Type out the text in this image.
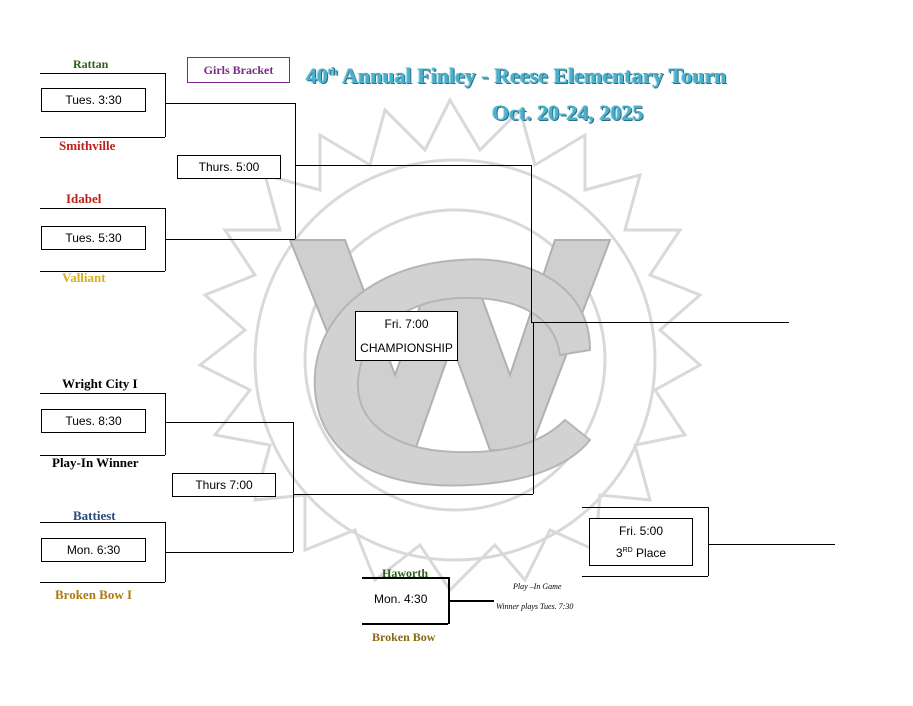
40th Annual Finley - Reese Elementary Tourn
Oct. 20-24, 2025
Girls Bracket
Rattan
Tues. 3:30
Smithville
Idabel
Tues. 5:30
Valliant
Thurs. 5:00
Wright City I
Tues. 8:30
Play-In Winner
Battiest
Mon. 6:30
Broken Bow I
Thurs 7:00
Fri. 7:00
CHAMPIONSHIP
Fri. 5:00
3RD Place
Haworth
Mon. 4:30
Broken Bow
Play –In Game
Winner plays Tues. 7:30
